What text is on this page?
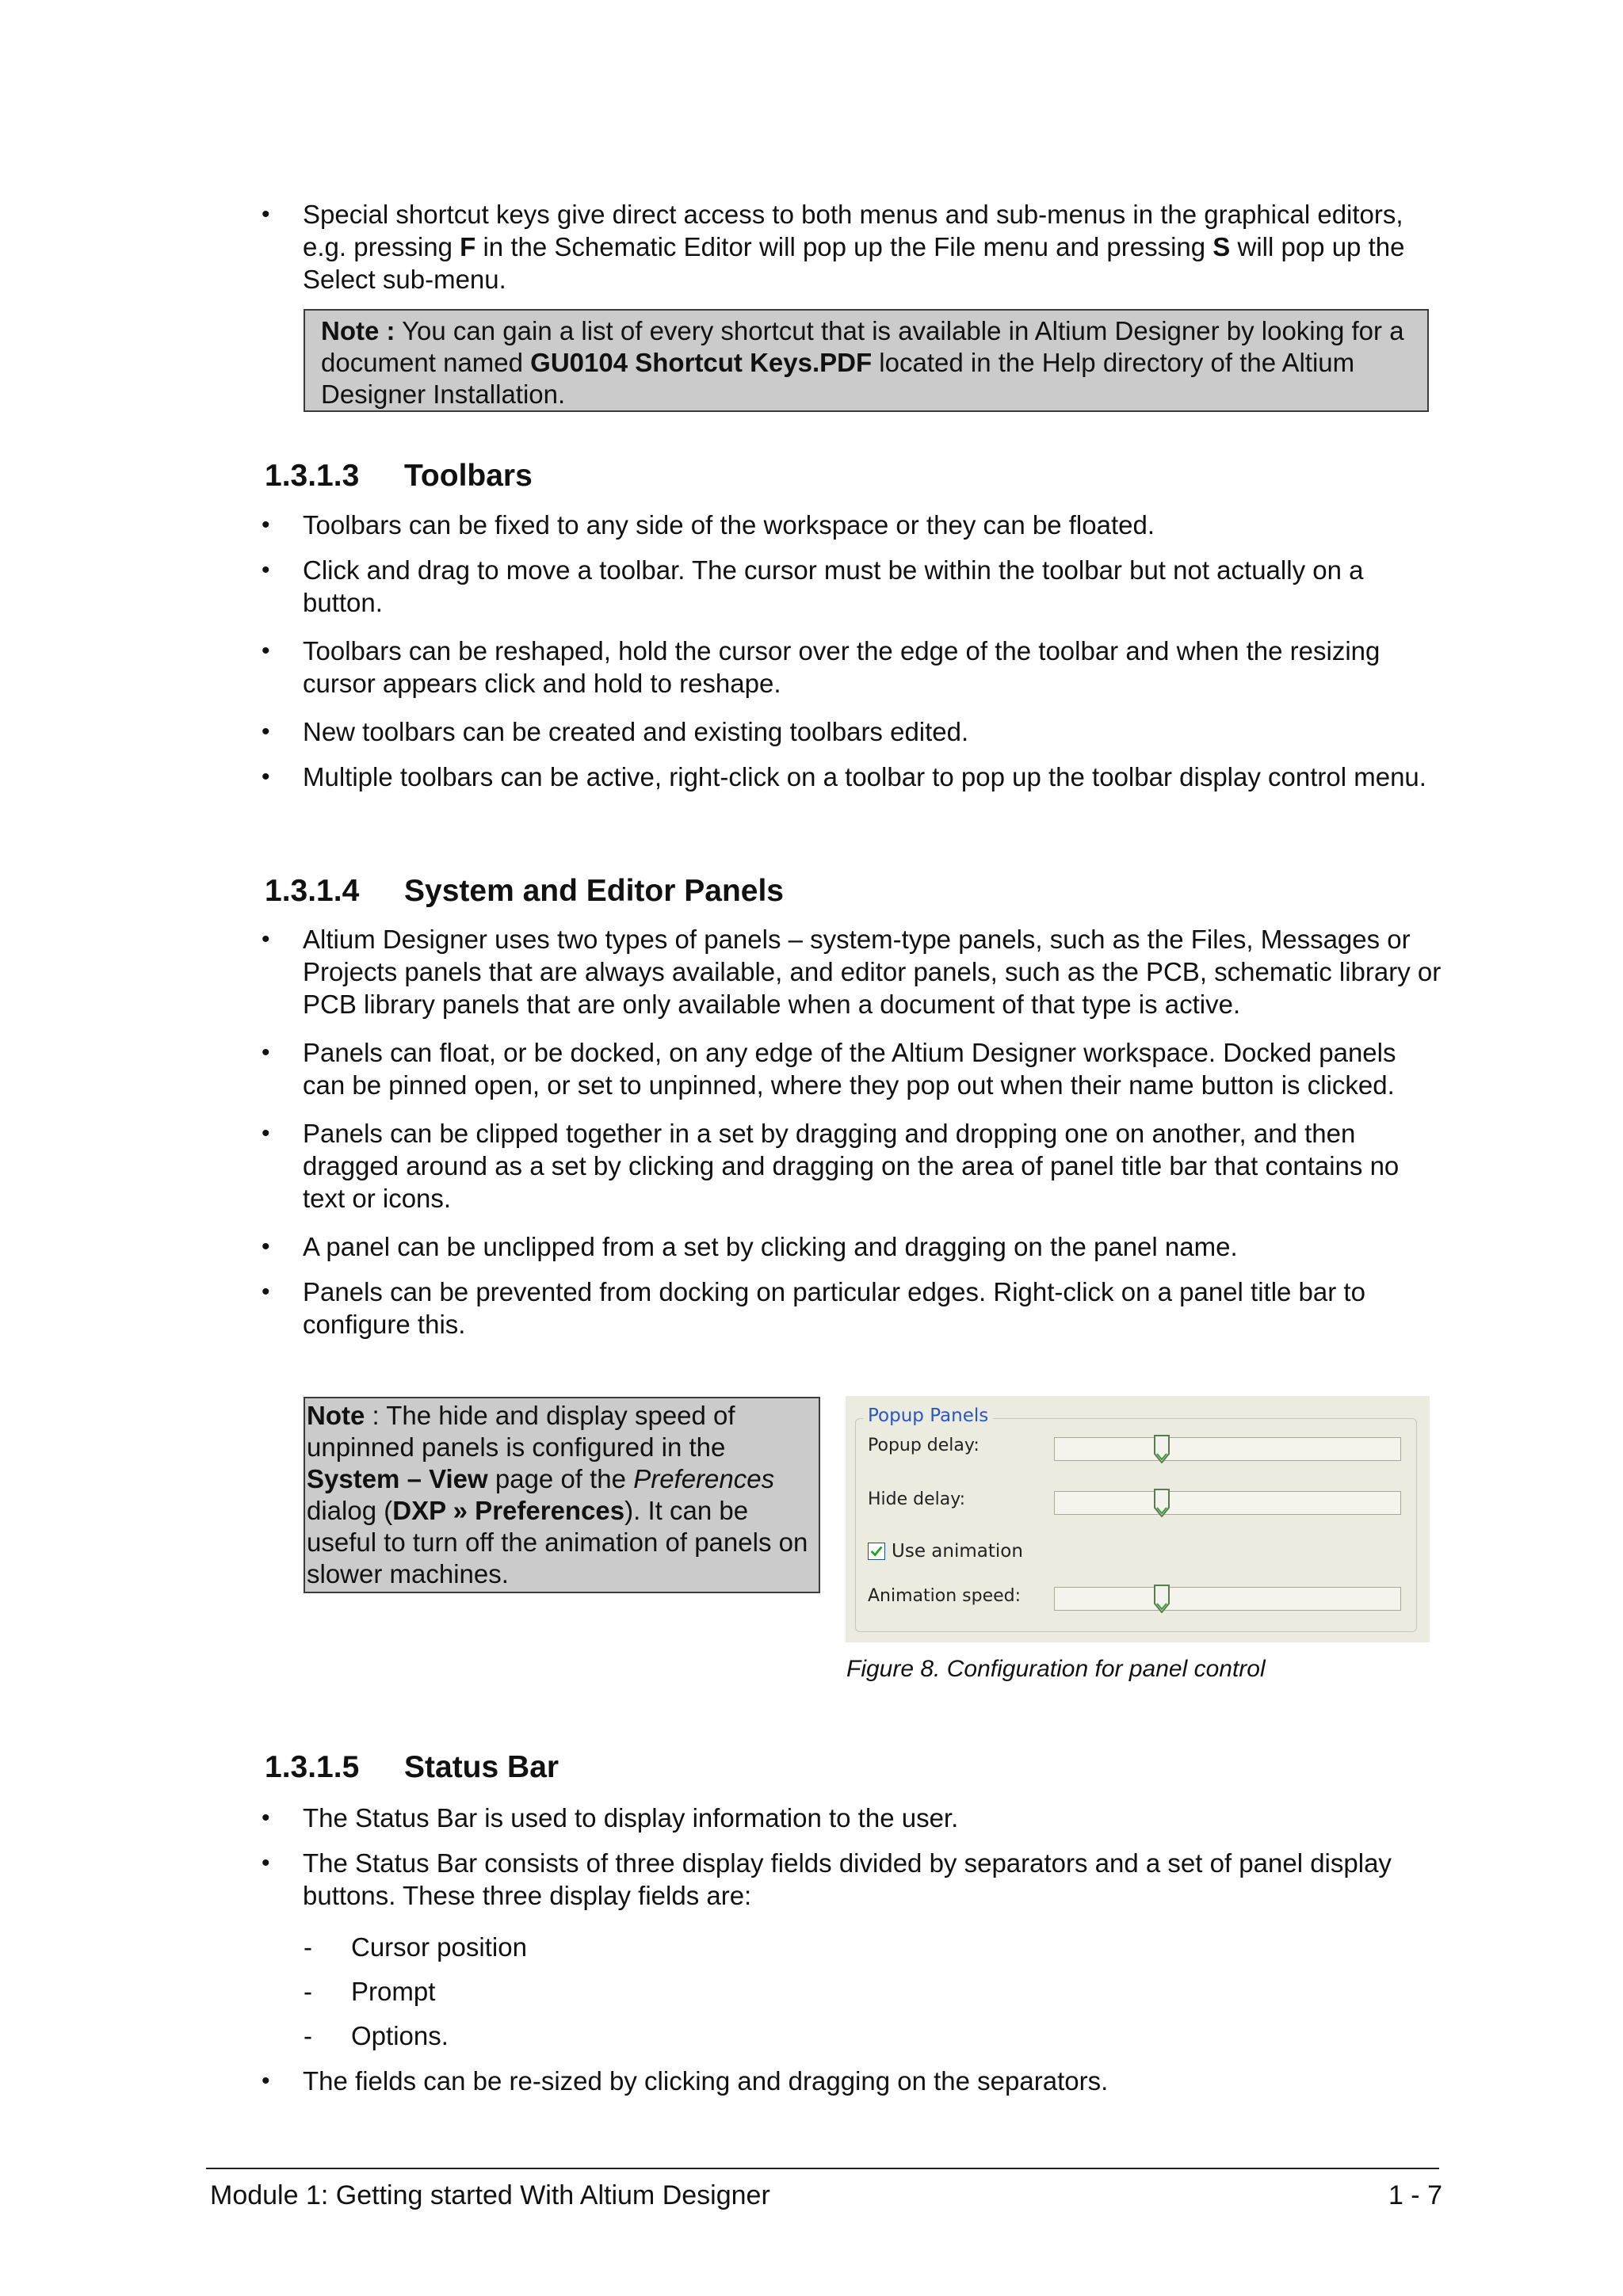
•	Special shortcut keys give direct access to both menus and sub-menus in the graphical editors, e.g. pressing F in the Schematic Editor will pop up the File menu and pressing S will pop up the Select sub-menu.
Note : You can gain a list of every shortcut that is available in Altium Designer by looking for a document named GU0104 Shortcut Keys.PDF located in the Help directory of the Altium Designer Installation.
1.3.1.3 Toolbars
•	Toolbars can be fixed to any side of the workspace or they can be floated.
•	Click and drag to move a toolbar. The cursor must be within the toolbar but not actually on a button.
•	Toolbars can be reshaped, hold the cursor over the edge of the toolbar and when the resizing cursor appears click and hold to reshape.
•	New toolbars can be created and existing toolbars edited.
•	Multiple toolbars can be active, right-click on a toolbar to pop up the toolbar display control menu.
1.3.1.4 System and Editor Panels
•	Altium Designer uses two types of panels – system-type panels, such as the Files, Messages or Projects panels that are always available, and editor panels, such as the PCB, schematic library or PCB library panels that are only available when a document of that type is active.
•	Panels can float, or be docked, on any edge of the Altium Designer workspace. Docked panels can be pinned open, or set to unpinned, where they pop out when their name button is clicked.
•	Panels can be clipped together in a set by dragging and dropping one on another, and then dragged around as a set by clicking and dragging on the area of panel title bar that contains no text or icons.
•	A panel can be unclipped from a set by clicking and dragging on the panel name.
•	Panels can be prevented from docking on particular edges. Right-click on a panel title bar to configure this.
Note : The hide and display speed of unpinned panels is configured in the System – View page of the Preferences dialog (DXP » Preferences). It can be useful to turn off the animation of panels on slower machines.
Popup Panels
Popup delay:
Hide delay:
Use animation
Animation speed:
Figure 8. Configuration for panel control
1.3.1.5 Status Bar
•	The Status Bar is used to display information to the user.
•	The Status Bar consists of three display fields divided by separators and a set of panel display buttons. These three display fields are:
- Cursor position
- Prompt
- Options.
•	The fields can be re-sized by clicking and dragging on the separators.
Module 1: Getting started With Altium Designer	1 - 7
